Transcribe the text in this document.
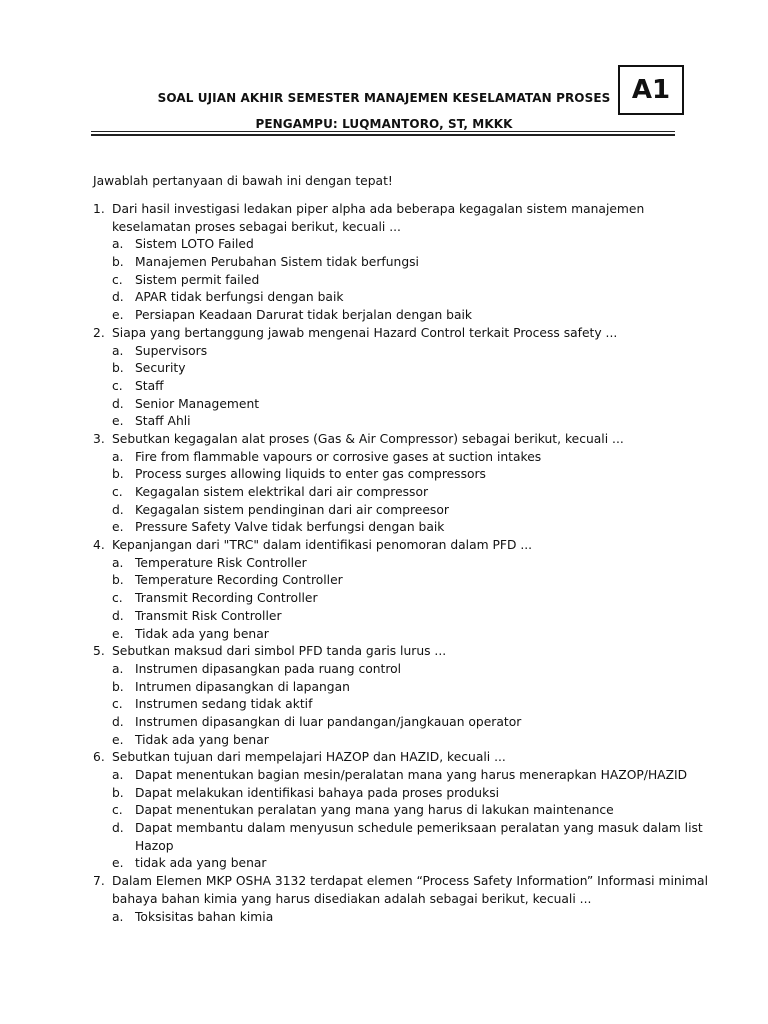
SOAL UJIAN AKHIR SEMESTER MANAJEMEN KESELAMATAN PROSES
PENGAMPU: LUQMANTORO, ST, MKKK
A1
Jawablah pertanyaan di bawah ini dengan tepat!
1. Dari hasil investigasi ledakan piper alpha ada beberapa kegagalan sistem manajemen
keselamatan proses sebagai berikut, kecuali ...
a. Sistem LOTO Failed
b. Manajemen Perubahan Sistem tidak berfungsi
c. Sistem permit failed
d. APAR tidak berfungsi dengan baik
e. Persiapan Keadaan Darurat tidak berjalan dengan baik
2. Siapa yang bertanggung jawab mengenai Hazard Control terkait Process safety ...
a. Supervisors
b. Security
c. Staff
d. Senior Management
e. Staff Ahli
3. Sebutkan kegagalan alat proses (Gas & Air Compressor) sebagai berikut, kecuali ...
a. Fire from flammable vapours or corrosive gases at suction intakes
b. Process surges allowing liquids to enter gas compressors
c. Kegagalan sistem elektrikal dari air compressor
d. Kegagalan sistem pendinginan dari air compreesor
e. Pressure Safety Valve tidak berfungsi dengan baik
4. Kepanjangan dari "TRC" dalam identifikasi penomoran dalam PFD ...
a. Temperature Risk Controller
b. Temperature Recording Controller
c. Transmit Recording Controller
d. Transmit Risk Controller
e. Tidak ada yang benar
5. Sebutkan maksud dari simbol PFD tanda garis lurus ...
a. Instrumen dipasangkan pada ruang control
b. Intrumen dipasangkan di lapangan
c. Instrumen sedang tidak aktif
d. Instrumen dipasangkan di luar pandangan/jangkauan operator
e. Tidak ada yang benar
6. Sebutkan tujuan dari mempelajari HAZOP dan HAZID, kecuali ...
a. Dapat menentukan bagian mesin/peralatan mana yang harus menerapkan HAZOP/HAZID
b. Dapat melakukan identifikasi bahaya pada proses produksi
c. Dapat menentukan peralatan yang mana yang harus di lakukan maintenance
d. Dapat membantu dalam menyusun schedule pemeriksaan peralatan yang masuk dalam list
Hazop
e. tidak ada yang benar
7. Dalam Elemen MKP OSHA 3132 terdapat elemen “Process Safety Information” Informasi minimal
bahaya bahan kimia yang harus disediakan adalah sebagai berikut, kecuali ...
a. Toksisitas bahan kimia
